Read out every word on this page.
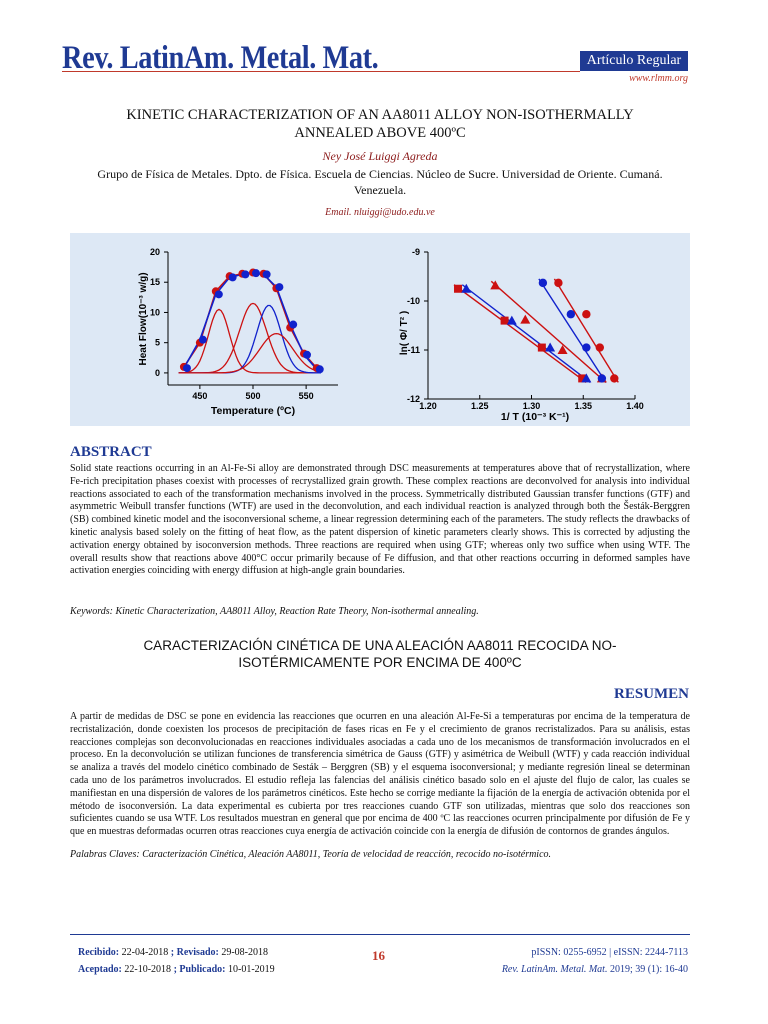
Rev. LatinAm. Metal. Mat.	Artículo Regular
www.rlmm.org
KINETIC CHARACTERIZATION OF AN AA8011 ALLOY NON-ISOTHERMALLY
ANNEALED ABOVE 400ºC
Ney José Luiggi Agreda
Grupo de Física de Metales. Dpto. de Física. Escuela de Ciencias. Núcleo de Sucre. Universidad de Oriente. Cumaná. Venezuela.
Email. nluiggi@udo.edu.ve
0
5
10
15
20
450	500	550
Temperature (ºC)
Heat Flow(10⁻³ w/g)
-9
-10
-11
-12
1.20	1.25	1.30	1.35	1.40
1/ T (10⁻³ K⁻¹)
ln( Φ/ T² )
ABSTRACT

Solid state reactions occurring in an Al-Fe-Si alloy are demonstrated through DSC measurements at temperatures above that of recrystallization, where Fe-rich precipitation phases coexist with processes of recrystallized grain growth. These complex reactions are deconvolved for analysis into individual reactions associated to each of the transformation mechanisms involved in the process. Symmetrically distributed Gaussian transfer functions (GTF) and asymmetric Weibull transfer functions (WTF) are used in the deconvolution, and each individual reaction is analyzed through both the Šesták-Berggren (SB) combined kinetic model and the isoconversional scheme, a linear regression determining each of the parameters. The study reflects the drawbacks of kinetic analysis based solely on the fitting of heat flow, as the patent dispersion of kinetic parameters clearly shows. This is corrected by adjusting the activation energy obtained by isoconversion methods. Three reactions are required when using GTF; whereas only two suffice when using WTF. The overall results show that reactions above 400°C occur primarily because of Fe diffusion, and that other reactions occurring in deformed samples have activation energies coinciding with energy diffusion at high-angle grain boundaries.

Keywords: Kinetic Characterization, AA8011 Alloy, Reaction Rate Theory, Non-isothermal annealing.
CARACTERIZACIÓN CINÉTICA DE UNA ALEACIÓN AA8011 RECOCIDA NO-
ISOTÉRMICAMENTE POR ENCIMA DE 400ºC
RESUMEN

A partir de medidas de DSC se pone en evidencia las reacciones que ocurren en una aleación Al-Fe-Si a temperaturas por encima de la temperatura de recristalización, donde coexisten los procesos de precipitación de fases ricas en Fe y el crecimiento de granos recristalizados. Para su análisis, estas reacciones complejas son deconvolucionadas en reacciones individuales asociadas a cada uno de los mecanismos de transformación involucrados en el proceso. En la deconvolución se utilizan funciones de transferencia simétrica de Gauss (GTF) y asimétrica de Weibull (WTF) y cada reacción individual se analiza a través del modelo cinético combinado de Sesták – Berggren (SB) y el esquema isoconversional; y mediante regresión lineal se determinan cada uno de los parámetros involucrados. El estudio refleja las falencias del análisis cinético basado solo en el ajuste del flujo de calor, las cuales se manifiestan en una dispersión de valores de los parámetros cinéticos. Este hecho se corrige mediante la fijación de la energía de activación obtenida por el método de isoconversión. La data experimental es cubierta por tres reacciones cuando GTF son utilizadas, mientras que solo dos reacciones son suficientes cuando se usa WTF. Los resultados muestran en general que por encima de 400 ºC las reacciones ocurren principalmente por difusión de Fe y que en muestras deformadas ocurren otras reacciones cuya energía de activación coincide con la energía de difusión de contornos de grandes ángulos.

Palabras Claves: Caracterización Cinética, Aleación AA8011, Teoría de velocidad de reacción, recocido no-isotérmico.
Recibido: 22-04-2018 ; Revisado: 29-08-2018
Aceptado: 22-10-2018 ; Publicado: 10-01-2019
16	pISSN: 0255-6952 | eISSN: 2244-7113
Rev. LatinAm. Metal. Mat. 2019; 39 (1): 16-40
